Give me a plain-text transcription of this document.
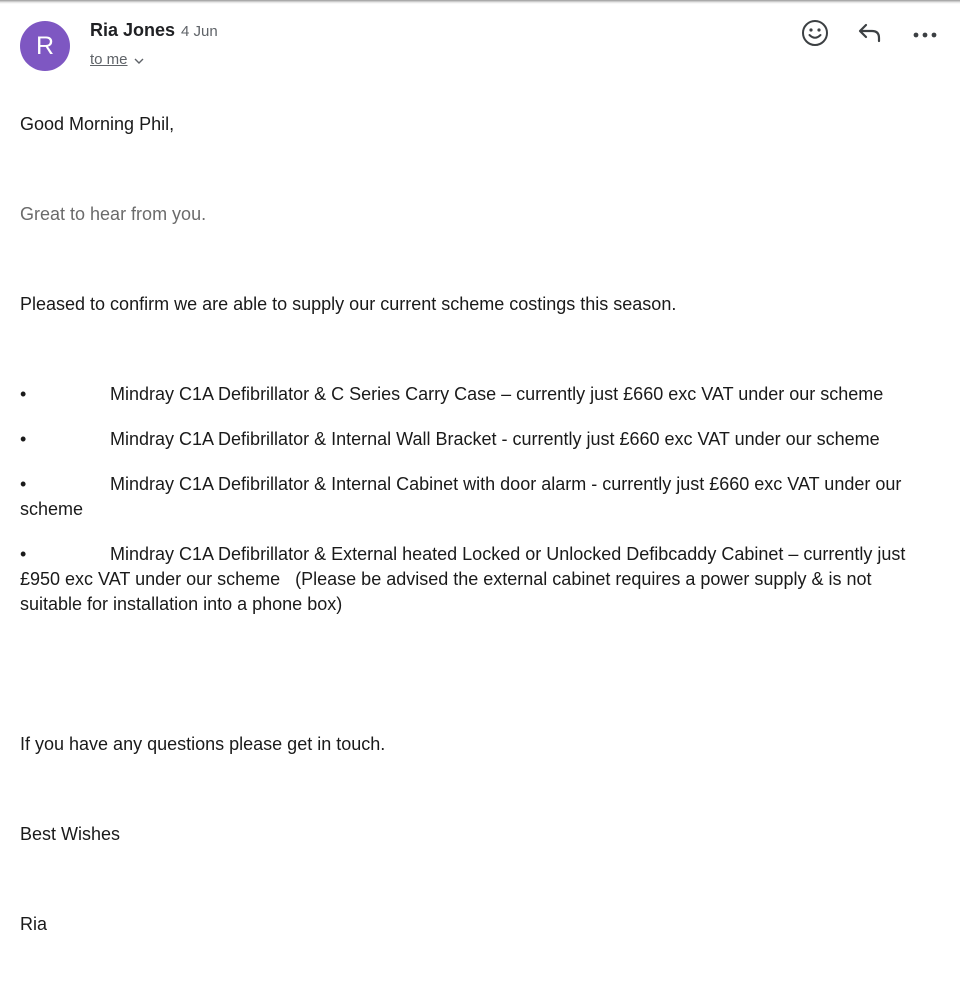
R
Ria Jones 4 Jun
to me

Good Morning Phil,

Great to hear from you.

Pleased to confirm we are able to supply our current scheme costings this season.

•	Mindray C1A Defibrillator & C Series Carry Case – currently just £660 exc VAT under our scheme

•	Mindray C1A Defibrillator & Internal Wall Bracket - currently just £660 exc VAT under our scheme

•	Mindray C1A Defibrillator & Internal Cabinet with door alarm - currently just £660 exc VAT under our scheme

•	Mindray C1A Defibrillator & External heated Locked or Unlocked Defibcaddy Cabinet – currently just £950 exc VAT under our scheme   (Please be advised the external cabinet requires a power supply & is not suitable for installation into a phone box)

If you have any questions please get in touch.

Best Wishes

Ria
